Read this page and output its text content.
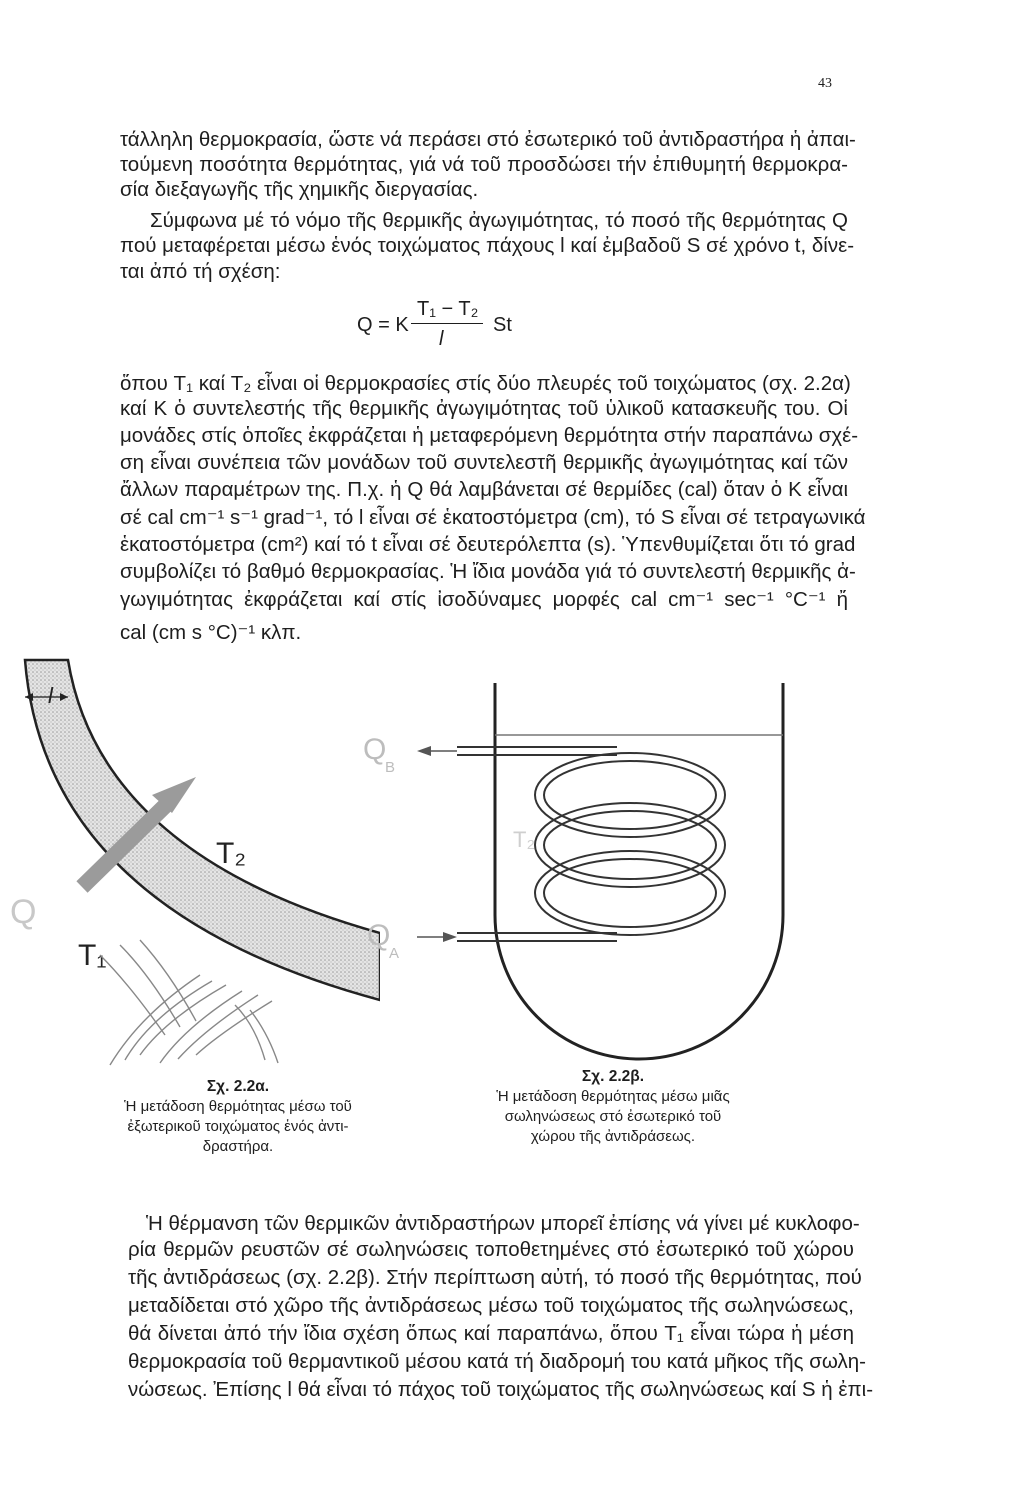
43
τάλληλη θερμοκρασία, ὥστε νά περάσει στό ἐσωτερικό τοῦ ἀντιδραστήρα ἡ ἀπαι-
τούμενη ποσότητα θερμότητας, γιά νά τοῦ προσδώσει τήν ἐπιθυμητή θερμοκρα-
σία διεξαγωγῆς τῆς χημικῆς διεργασίας.
Σύμφωνα μέ τό νόμο τῆς θερμικῆς ἀγωγιμότητας, τό ποσό τῆς θερμότητας Q
πού μεταφέρεται μέσω ἑνός τοιχώματος πάχους l καί ἐμβαδοῦ S σέ χρόνο t, δίνε-
ται ἀπό τή σχέση:
Q = K
T₁ − T₂
l
St
ὅπου T₁ καί T₂ εἶναι οἱ θερμοκρασίες στίς δύο πλευρές τοῦ τοιχώματος (σχ. 2.2α)
καί K ὁ συντελεστής τῆς θερμικῆς ἀγωγιμότητας τοῦ ὑλικοῦ κατασκευῆς του. Οἱ
μονάδες στίς ὁποῖες ἐκφράζεται ἡ μεταφερόμενη θερμότητα στήν παραπάνω σχέ-
ση εἶναι συνέπεια τῶν μονάδων τοῦ συντελεστῆ θερμικῆς ἀγωγιμότητας καί τῶν
ἄλλων παραμέτρων της. Π.χ. ἡ Q θά λαμβάνεται σέ θερμίδες (cal) ὅταν ὁ K εἶναι
σέ cal cm⁻¹ s⁻¹ grad⁻¹, τό l εἶναι σέ ἑκατοστόμετρα (cm), τό S εἶναι σέ τετραγωνικά
ἑκατοστόμετρα (cm²) καί τό t εἶναι σέ δευτερόλεπτα (s). Ὑπενθυμίζεται ὅτι τό grad
συμβολίζει τό βαθμό θερμοκρασίας. Ἡ ἴδια μονάδα γιά τό συντελεστή θερμικῆς ἀ-
γωγιμότητας ἐκφράζεται καί στίς ἰσοδύναμες μορφές cal cm⁻¹ sec⁻¹ °C⁻¹ ἤ
cal (cm s °C)⁻¹ κλπ.
l
T₂
Q
T₁
Σχ. 2.2α.
Ἡ μετάδοση θερμότητας μέσω τοῦ
ἐξωτερικοῦ τοιχώματος ἑνός ἀντι-
δραστήρα.
Q
B
Q
A
T₂
Σχ. 2.2β.
Ἡ μετάδοση θερμότητας μέσω μιᾶς
σωληνώσεως στό ἐσωτερικό τοῦ
χώρου τῆς ἀντιδράσεως.
Ἡ θέρμανση τῶν θερμικῶν ἀντιδραστήρων μπορεῖ ἐπίσης νά γίνει μέ κυκλοφο-
ρία θερμῶν ρευστῶν σέ σωληνώσεις τοποθετημένες στό ἐσωτερικό τοῦ χώρου
τῆς ἀντιδράσεως (σχ. 2.2β). Στήν περίπτωση αὐτή, τό ποσό τῆς θερμότητας, πού
μεταδίδεται στό χῶρο τῆς ἀντιδράσεως μέσω τοῦ τοιχώματος τῆς σωληνώσεως,
θά δίνεται ἀπό τήν ἴδια σχέση ὅπως καί παραπάνω, ὅπου T₁ εἶναι τώρα ἡ μέση
θερμοκρασία τοῦ θερμαντικοῦ μέσου κατά τή διαδρομή του κατά μῆκος τῆς σωλη-
νώσεως. Ἐπίσης l θά εἶναι τό πάχος τοῦ τοιχώματος τῆς σωληνώσεως καί S ἡ ἐπι-
